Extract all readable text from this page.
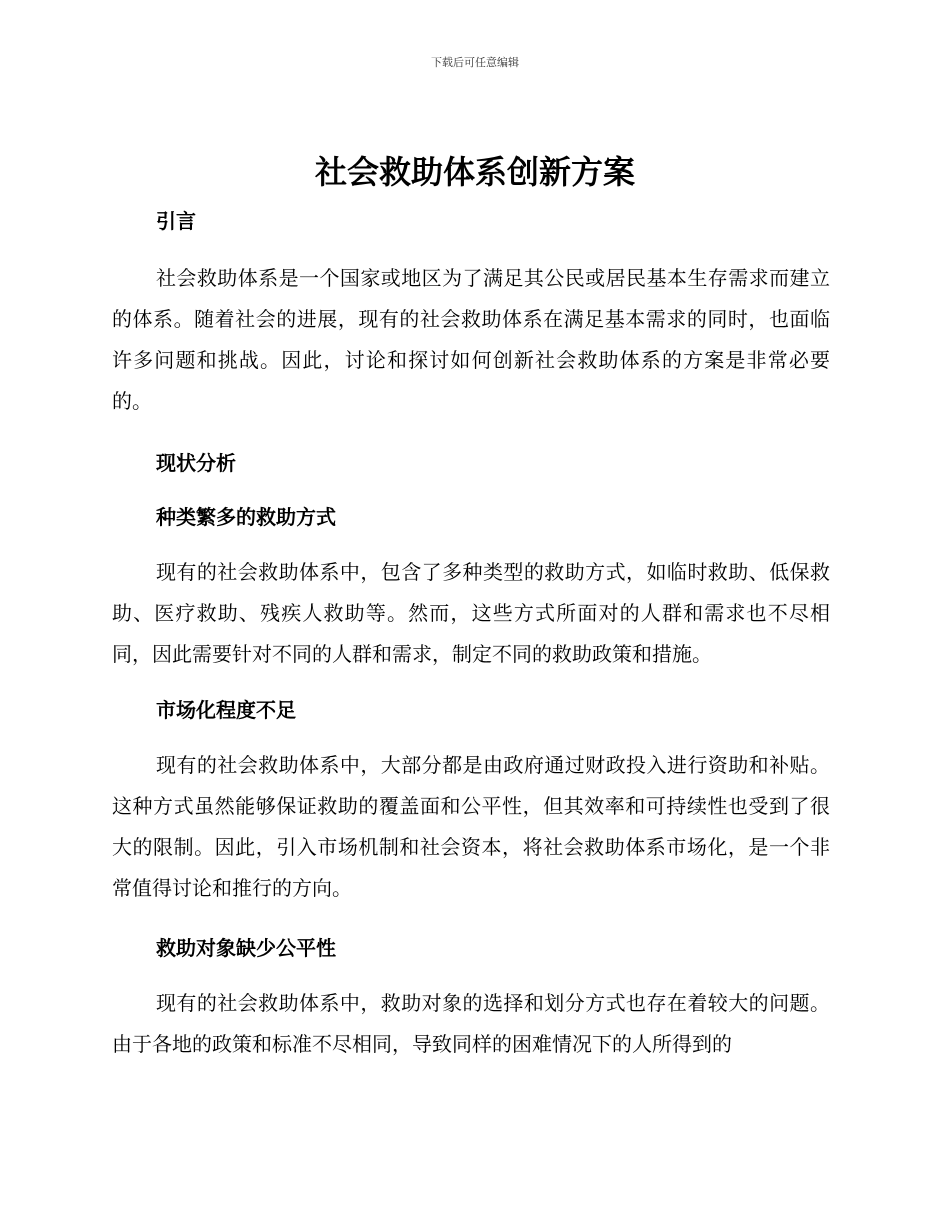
下载后可任意编辑
社会救助体系创新方案

引言

社会救助体系是一个国家或地区为了满足其公民或居民基本生存需求而建立的体系。随着社会的进展，现有的社会救助体系在满足基本需求的同时，也面临许多问题和挑战。因此，讨论和探讨如何创新社会救助体系的方案是非常必要的。

现状分析

种类繁多的救助方式

现有的社会救助体系中，包含了多种类型的救助方式，如临时救助、低保救助、医疗救助、残疾人救助等。然而，这些方式所面对的人群和需求也不尽相同，因此需要针对不同的人群和需求，制定不同的救助政策和措施。

市场化程度不足

现有的社会救助体系中，大部分都是由政府通过财政投入进行资助和补贴。这种方式虽然能够保证救助的覆盖面和公平性，但其效率和可持续性也受到了很大的限制。因此，引入市场机制和社会资本，将社会救助体系市场化，是一个非常值得讨论和推行的方向。

救助对象缺少公平性

现有的社会救助体系中，救助对象的选择和划分方式也存在着较大的问题。由于各地的政策和标准不尽相同，导致同样的困难情况下的人所得到的
